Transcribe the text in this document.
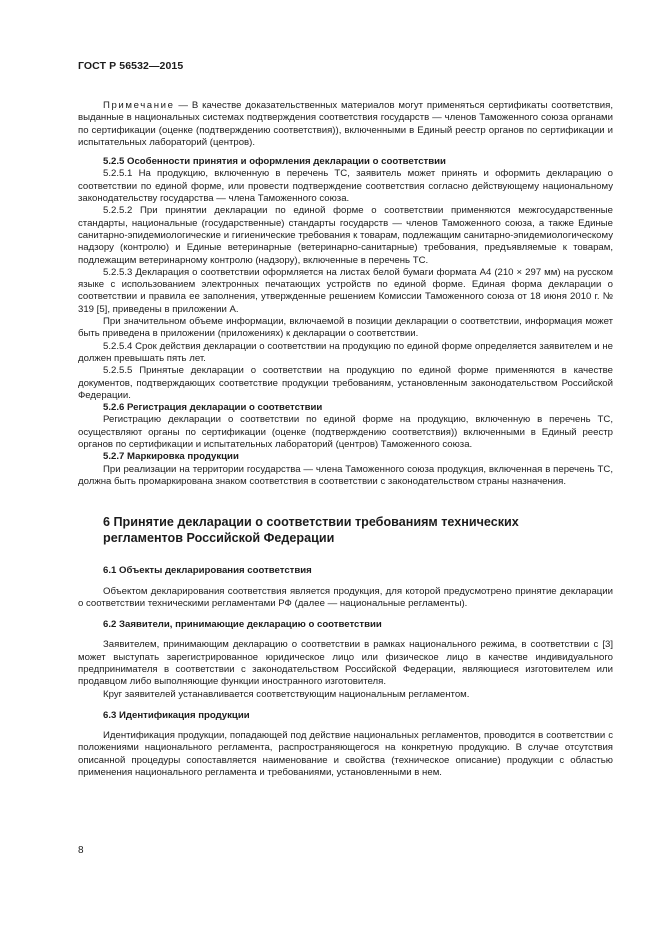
ГОСТ Р 56532—2015

Примечание — В качестве доказательственных материалов могут применяться сертификаты соответствия, выданные в национальных системах подтверждения соответствия государств — членов Таможенного союза органами по сертификации (оценке (подтверждению соответствия)), включенными в Единый реестр органов по сертификации и испытательных лабораторий (центров).

5.2.5 Особенности принятия и оформления декларации о соответствии

5.2.5.1 На продукцию, включенную в перечень ТС, заявитель может принять и оформить декларацию о соответствии по единой форме, или провести подтверждение соответствия согласно действующему национальному законодательству государства — члена Таможенного союза.

5.2.5.2 При принятии декларации по единой форме о соответствии применяются межгосударственные стандарты, национальные (государственные) стандарты государств — членов Таможенного союза, а также Единые санитарно-эпидемиологические и гигиенические требования к товарам, подлежащим санитарно-эпидемиологическому надзору (контролю) и Единые ветеринарные (ветеринарно-санитарные) требования, предъявляемые к товарам, подлежащим ветеринарному контролю (надзору), включенные в перечень ТС.

5.2.5.3 Декларация о соответствии оформляется на листах белой бумаги формата А4 (210 × 297 мм) на русском языке с использованием электронных печатающих устройств по единой форме. Единая форма декларации о соответствии и правила ее заполнения, утвержденные решением Комиссии Таможенного союза от 18 июня 2010 г. № 319 [5], приведены в приложении А.

При значительном объеме информации, включаемой в позиции декларации о соответствии, информация может быть приведена в приложении (приложениях) к декларации о соответствии.

5.2.5.4 Срок действия декларации о соответствии на продукцию по единой форме определяется заявителем и не должен превышать пять лет.

5.2.5.5 Принятые декларации о соответствии на продукцию по единой форме применяются в качестве документов, подтверждающих соответствие продукции требованиям, установленным законодательством Российской Федерации.

5.2.6 Регистрация декларации о соответствии

Регистрацию декларации о соответствии по единой форме на продукцию, включенную в перечень ТС, осуществляют органы по сертификации (оценке (подтверждению соответствия)) включенными в Единый реестр органов по сертификации и испытательных лабораторий (центров) Таможенного союза.

5.2.7 Маркировка продукции

При реализации на территории государства — члена Таможенного союза продукция, включенная в перечень ТС, должна быть промаркирована знаком соответствия в соответствии с законодательством страны назначения.

6 Принятие декларации о соответствии требованиям технических
регламентов Российской Федерации

6.1 Объекты декларирования соответствия

Объектом декларирования соответствия является продукция, для которой предусмотрено принятие декларации о соответствии техническими регламентами РФ (далее — национальные регламенты).

6.2 Заявители, принимающие декларацию о соответствии

Заявителем, принимающим декларацию о соответствии в рамках национального режима, в соответствии с [3] может выступать зарегистрированное юридическое лицо или физическое лицо в качестве индивидуального предпринимателя в соответствии с законодательством Российской Федерации, являющиеся изготовителем или продавцом либо выполняющие функции иностранного изготовителя.

Круг заявителей устанавливается соответствующим национальным регламентом.

6.3 Идентификация продукции

Идентификация продукции, попадающей под действие национальных регламентов, проводится в соответствии с положениями национального регламента, распространяющегося на конкретную продукцию. В случае отсутствия описанной процедуры сопоставляется наименование и свойства (техническое описание) продукции с областью применения национального регламента и требованиями, установленными в нем.

8
